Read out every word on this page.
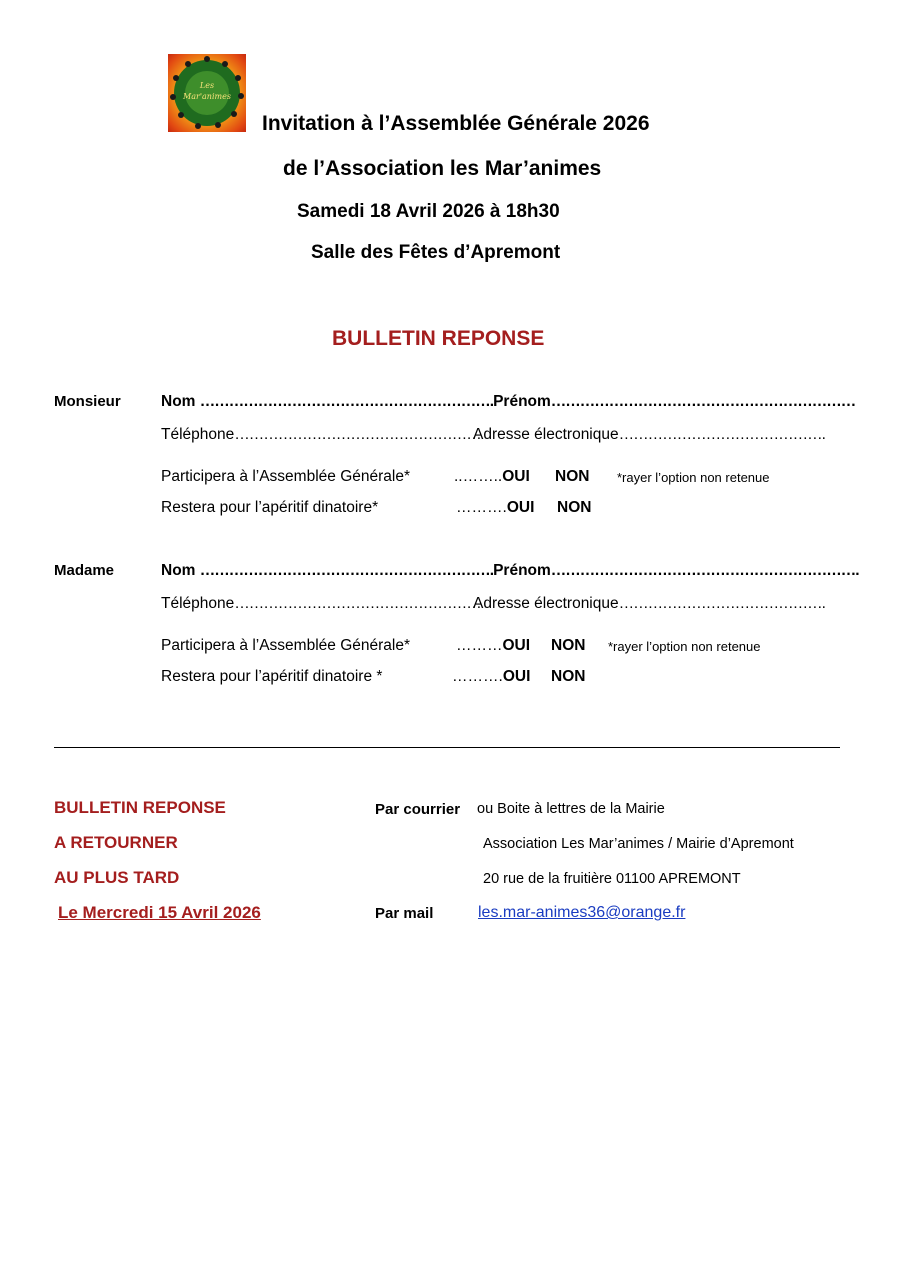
Les
Mar'animes
Invitation à l’Assemblée Générale 2026
de l’Association les Mar’animes
Samedi 18 Avril 2026 à 18h30
Salle des Fêtes d’Apremont
BULLETIN REPONSE
Monsieur	Nom …………………………………………………….Prénom………………………………………………………
Téléphone……………………………………………
Adresse électronique…………………………………….
Participera à l’Assemblée Générale*	..……..OUI NON *rayer l’option non retenue
Restera pour l’apéritif dinatoire*	……….OUI NON
Madame	Nom …………………………………………………….Prénom……………………………………………………….
Téléphone……………………………………………
Adresse électronique…………………………………….
Participera à l’Assemblée Générale*	………OUI NON *rayer l’option non retenue
Restera pour l’apéritif dinatoire *	……….OUI NON
BULLETIN REPONSE
A RETOURNER
AU PLUS TARD
Le Mercredi 15 Avril 2026
Par courrier ou Boite à lettres de la Mairie
Association Les Mar’animes / Mairie d’Apremont
20 rue de la fruitière 01100 APREMONT
Par mail	les.mar-animes36@orange.fr
